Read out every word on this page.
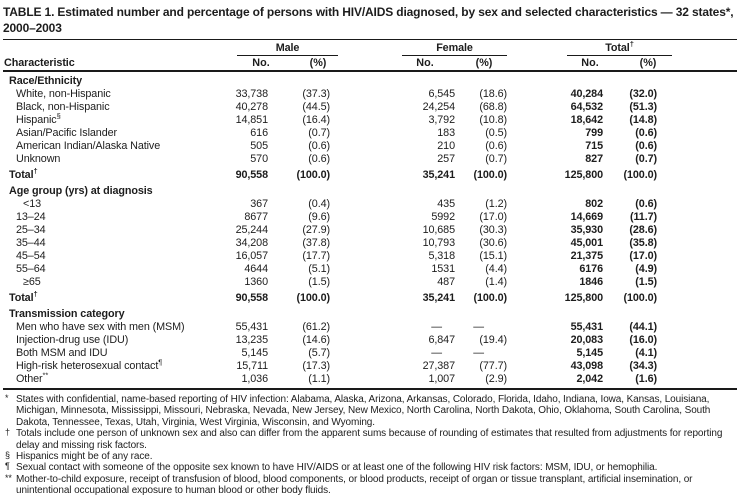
TABLE 1. Estimated number and percentage of persons with HIV/AIDS diagnosed, by sex and selected characteristics — 32 states*,
2000–2003
Male	Female	Total†
Characteristic	No.	(%)	No.	(%)	No.	(%)
Race/Ethnicity							
White, non-Hispanic	33,738	(37.3)	6,545	(18.6)	40,284	(32.0)	
Black, non-Hispanic	40,278	(44.5)	24,254	(68.8)	64,532	(51.3)	
Hispanic§	14,851	(16.4)	3,792	(10.8)	18,642	(14.8)	
Asian/Pacific Islander	616	(0.7)	183	(0.5)	799	(0.6)	
American Indian/Alaska Native	505	(0.6)	210	(0.6)	715	(0.6)	
Unknown	570	(0.6)	257	(0.7)	827	(0.7)	
Total†	90,558	(100.0)	35,241	(100.0)	125,800	(100.0)	
Age group (yrs) at diagnosis							
<13	367	(0.4)	435	(1.2)	802	(0.6)	
13–24	8677	(9.6)	5992	(17.0)	14,669	(11.7)	
25–34	25,244	(27.9)	10,685	(30.3)	35,930	(28.6)	
35–44	34,208	(37.8)	10,793	(30.6)	45,001	(35.8)	
45–54	16,057	(17.7)	5,318	(15.1)	21,375	(17.0)	
55–64	4644	(5.1)	1531	(4.4)	6176	(4.9)	
≥65	1360	(1.5)	487	(1.4)	1846	(1.5)	
Total†	90,558	(100.0)	35,241	(100.0)	125,800	(100.0)	
Transmission category							
Men who have sex with men (MSM)	55,431	(61.2)	—	—	55,431	(44.1)	
Injection-drug use (IDU)	13,235	(14.6)	6,847	(19.4)	20,083	(16.0)	
Both MSM and IDU	5,145	(5.7)	—	—	5,145	(4.1)	
High-risk heterosexual contact¶	15,711	(17.3)	27,387	(77.7)	43,098	(34.3)	
Other**	1,036	(1.1)	1,007	(2.9)	2,042	(1.6)	
* States with confidential, name-based reporting of HIV infection: Alabama, Alaska, Arizona, Arkansas, Colorado, Florida, Idaho, Indiana, Iowa, Kansas, Louisiana, Michigan, Minnesota, Mississippi, Missouri, Nebraska, Nevada, New Jersey, New Mexico, North Carolina, North Dakota, Ohio, Oklahoma, South Carolina, South Dakota, Tennessee, Texas, Utah, Virginia, West Virginia, Wisconsin, and Wyoming.
† Totals include one person of unknown sex and also can differ from the apparent sums because of rounding of estimates that resulted from adjustments for reporting delay and missing risk factors.
§ Hispanics might be of any race.
¶ Sexual contact with someone of the opposite sex known to have HIV/AIDS or at least one of the following HIV risk factors: MSM, IDU, or hemophilia.
** Mother-to-child exposure, receipt of transfusion of blood, blood components, or blood products, receipt of organ or tissue transplant, artificial insemination, or unintentional occupational exposure to human blood or other body fluids.
